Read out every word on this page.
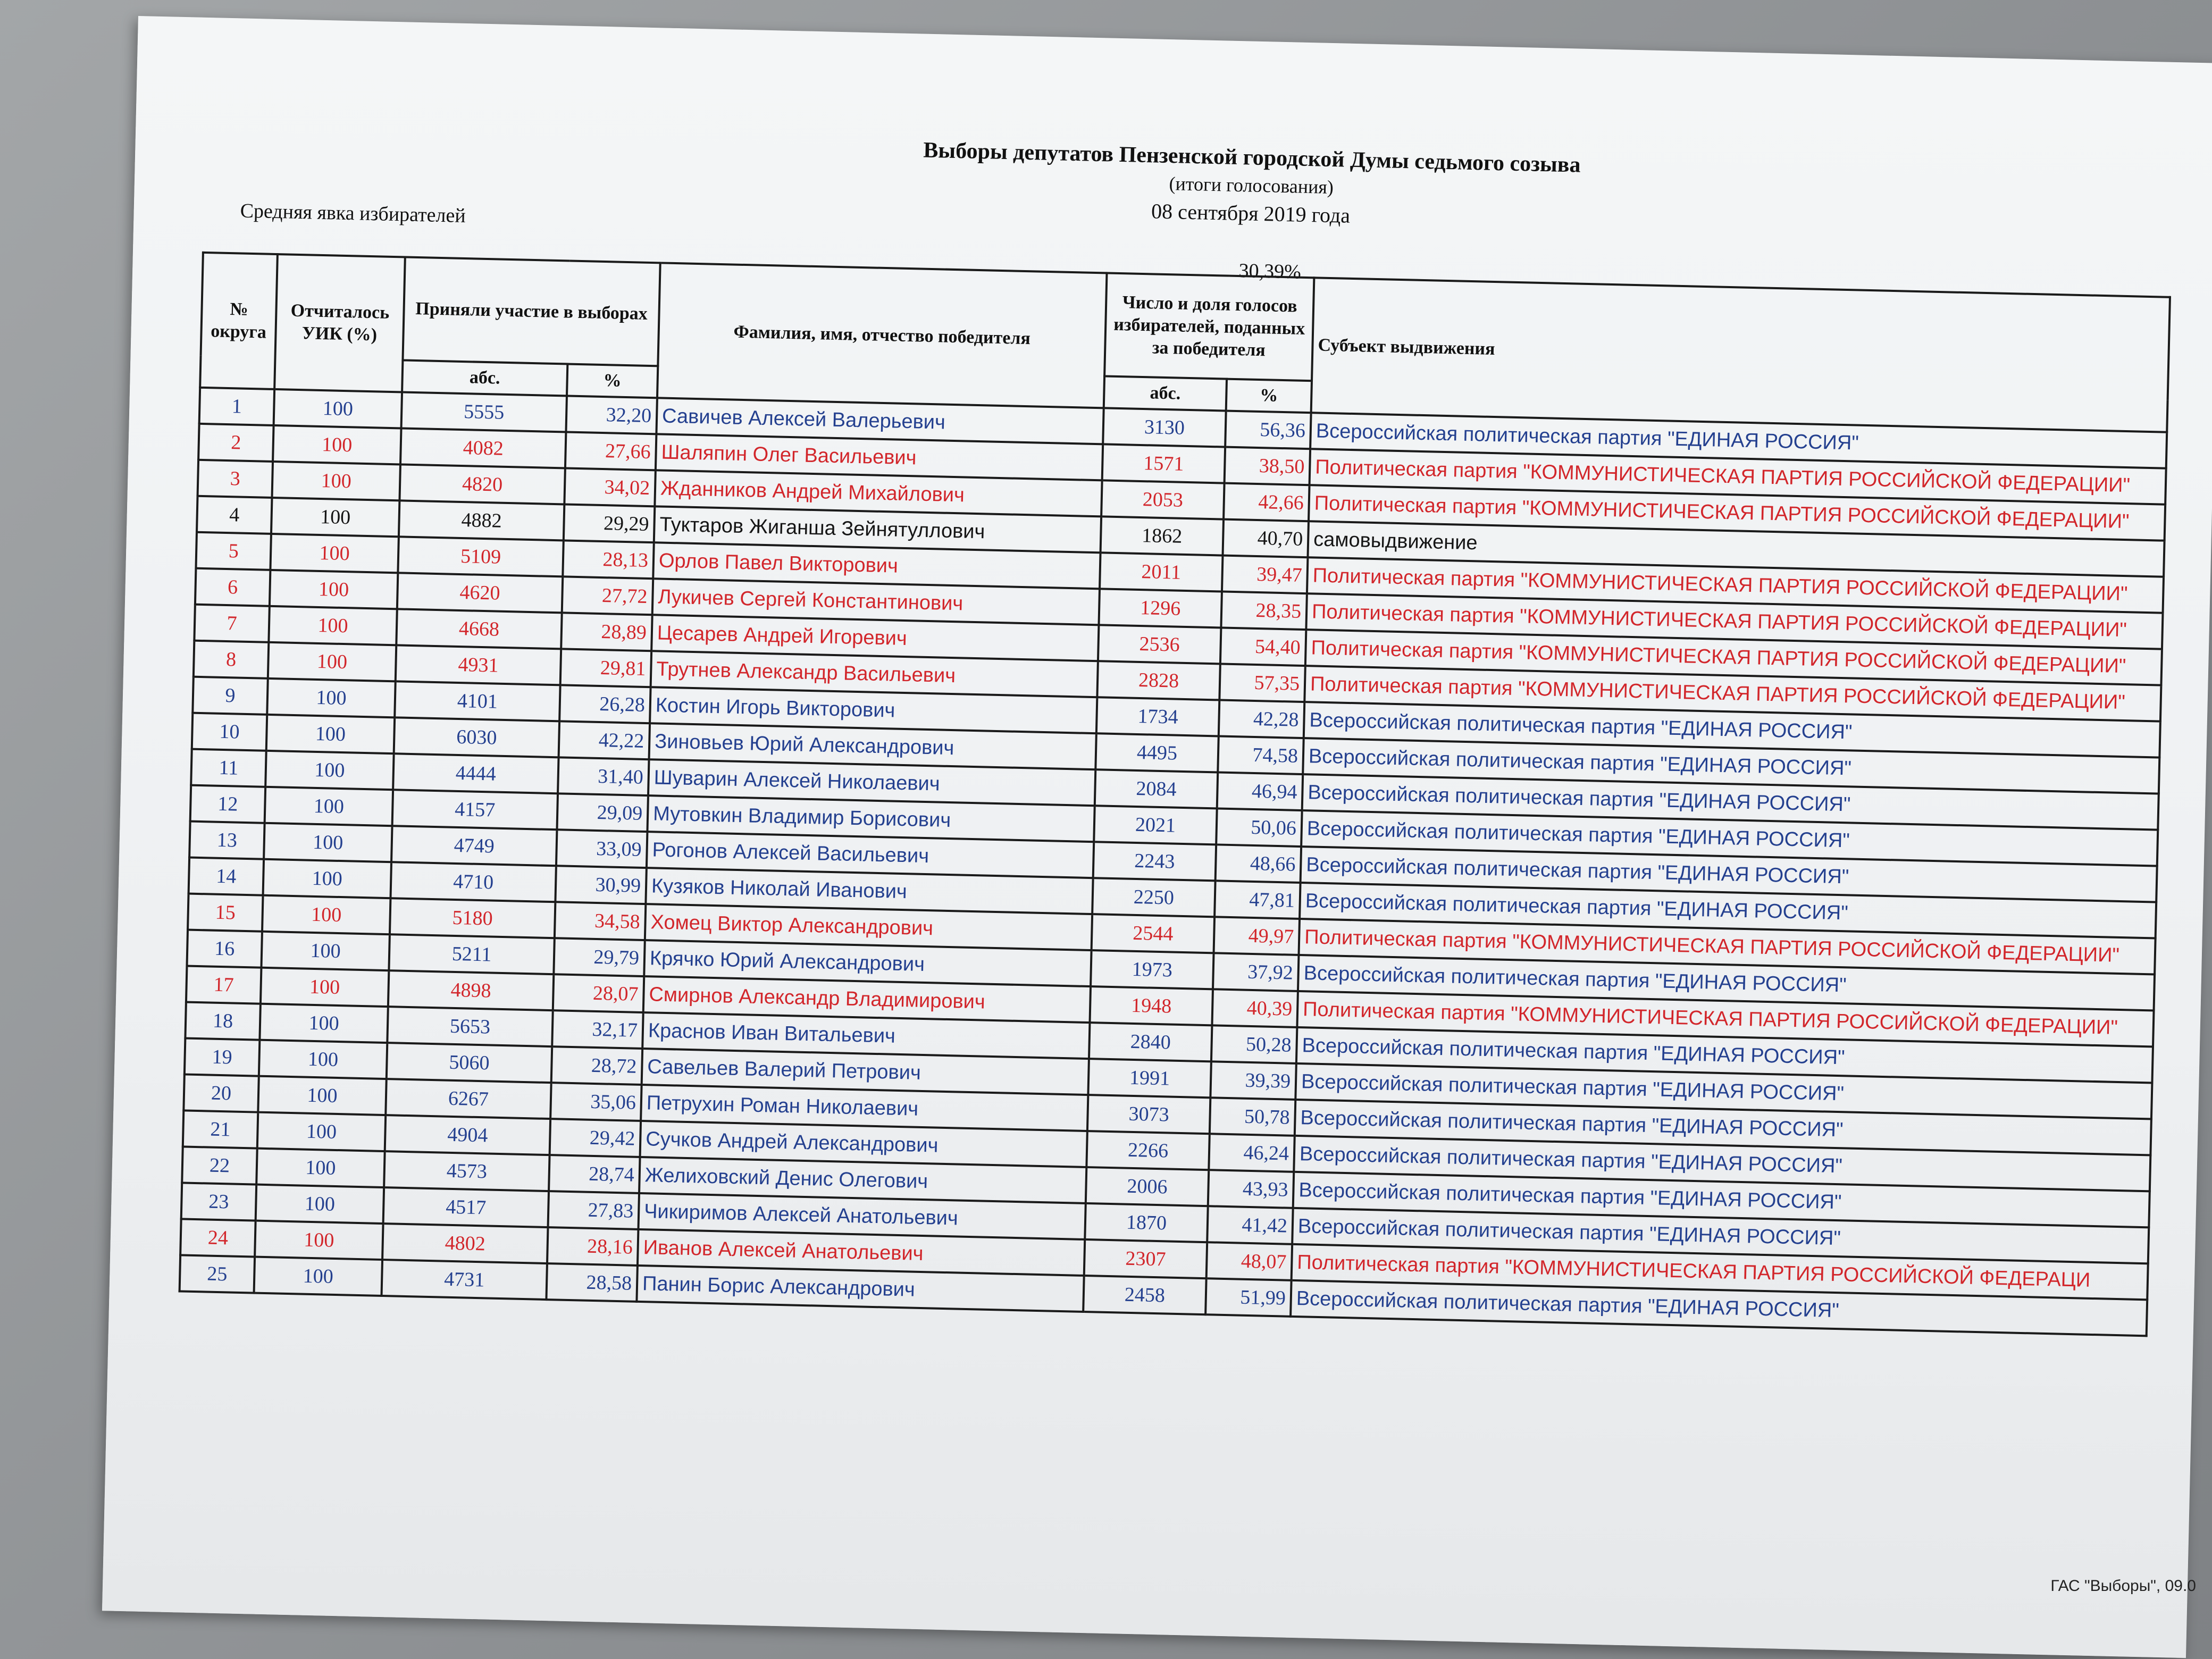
Выборы депутатов Пензенской городской Думы седьмого созыва
(итоги голосования)
08 сентября 2019 года
Средняя явка избирателей
30,39%
№ округа	Отчиталось УИК (%)	Приняли участие в выборах		Фамилия, имя, отчество победителя	Число и доля голосов избирателей, поданных за победителя		Субъект выдвижения
		абс.	%		абс.	%	
1	100	5555	32,20	Савичев Алексей Валерьевич	3130	56,36	Всероссийская политическая партия "ЕДИНАЯ РОССИЯ"
2	100	4082	27,66	Шаляпин Олег Васильевич	1571	38,50	Политическая партия "КОММУНИСТИЧЕСКАЯ ПАРТИЯ РОССИЙСКОЙ ФЕДЕРАЦИИ"
3	100	4820	34,02	Жданников Андрей Михайлович	2053	42,66	Политическая партия "КОММУНИСТИЧЕСКАЯ ПАРТИЯ РОССИЙСКОЙ ФЕДЕРАЦИИ"
4	100	4882	29,29	Туктаров Жиганша Зейнятуллович	1862	40,70	самовыдвижение
5	100	5109	28,13	Орлов Павел Викторович	2011	39,47	Политическая партия "КОММУНИСТИЧЕСКАЯ ПАРТИЯ РОССИЙСКОЙ ФЕДЕРАЦИИ"
6	100	4620	27,72	Лукичев Сергей Константинович	1296	28,35	Политическая партия "КОММУНИСТИЧЕСКАЯ ПАРТИЯ РОССИЙСКОЙ ФЕДЕРАЦИИ"
7	100	4668	28,89	Цесарев Андрей Игоревич	2536	54,40	Политическая партия "КОММУНИСТИЧЕСКАЯ ПАРТИЯ РОССИЙСКОЙ ФЕДЕРАЦИИ"
8	100	4931	29,81	Трутнев Александр Васильевич	2828	57,35	Политическая партия "КОММУНИСТИЧЕСКАЯ ПАРТИЯ РОССИЙСКОЙ ФЕДЕРАЦИИ"
9	100	4101	26,28	Костин Игорь Викторович	1734	42,28	Всероссийская политическая партия "ЕДИНАЯ РОССИЯ"
10	100	6030	42,22	Зиновьев Юрий Александрович	4495	74,58	Всероссийская политическая партия "ЕДИНАЯ РОССИЯ"
11	100	4444	31,40	Шуварин Алексей Николаевич	2084	46,94	Всероссийская политическая партия "ЕДИНАЯ РОССИЯ"
12	100	4157	29,09	Мутовкин Владимир Борисович	2021	50,06	Всероссийская политическая партия "ЕДИНАЯ РОССИЯ"
13	100	4749	33,09	Рогонов Алексей Васильевич	2243	48,66	Всероссийская политическая партия "ЕДИНАЯ РОССИЯ"
14	100	4710	30,99	Кузяков Николай Иванович	2250	47,81	Всероссийская политическая партия "ЕДИНАЯ РОССИЯ"
15	100	5180	34,58	Хомец Виктор Александрович	2544	49,97	Политическая партия "КОММУНИСТИЧЕСКАЯ ПАРТИЯ РОССИЙСКОЙ ФЕДЕРАЦИИ"
16	100	5211	29,79	Крячко Юрий Александрович	1973	37,92	Всероссийская политическая партия "ЕДИНАЯ РОССИЯ"
17	100	4898	28,07	Смирнов Александр Владимирович	1948	40,39	Политическая партия "КОММУНИСТИЧЕСКАЯ ПАРТИЯ РОССИЙСКОЙ ФЕДЕРАЦИИ"
18	100	5653	32,17	Краснов Иван Витальевич	2840	50,28	Всероссийская политическая партия "ЕДИНАЯ РОССИЯ"
19	100	5060	28,72	Савельев Валерий Петрович	1991	39,39	Всероссийская политическая партия "ЕДИНАЯ РОССИЯ"
20	100	6267	35,06	Петрухин Роман Николаевич	3073	50,78	Всероссийская политическая партия "ЕДИНАЯ РОССИЯ"
21	100	4904	29,42	Сучков Андрей Александрович	2266	46,24	Всероссийская политическая партия "ЕДИНАЯ РОССИЯ"
22	100	4573	28,74	Желиховский Денис Олегович	2006	43,93	Всероссийская политическая партия "ЕДИНАЯ РОССИЯ"
23	100	4517	27,83	Чикиримов Алексей Анатольевич	1870	41,42	Всероссийская политическая партия "ЕДИНАЯ РОССИЯ"
24	100	4802	28,16	Иванов Алексей Анатольевич	2307	48,07	Политическая партия "КОММУНИСТИЧЕСКАЯ ПАРТИЯ РОССИЙСКОЙ ФЕДЕРАЦИ
25	100	4731	28,58	Панин Борис Александрович	2458	51,99	Всероссийская политическая партия "ЕДИНАЯ РОССИЯ"
ГАС "Выборы", 09.0
